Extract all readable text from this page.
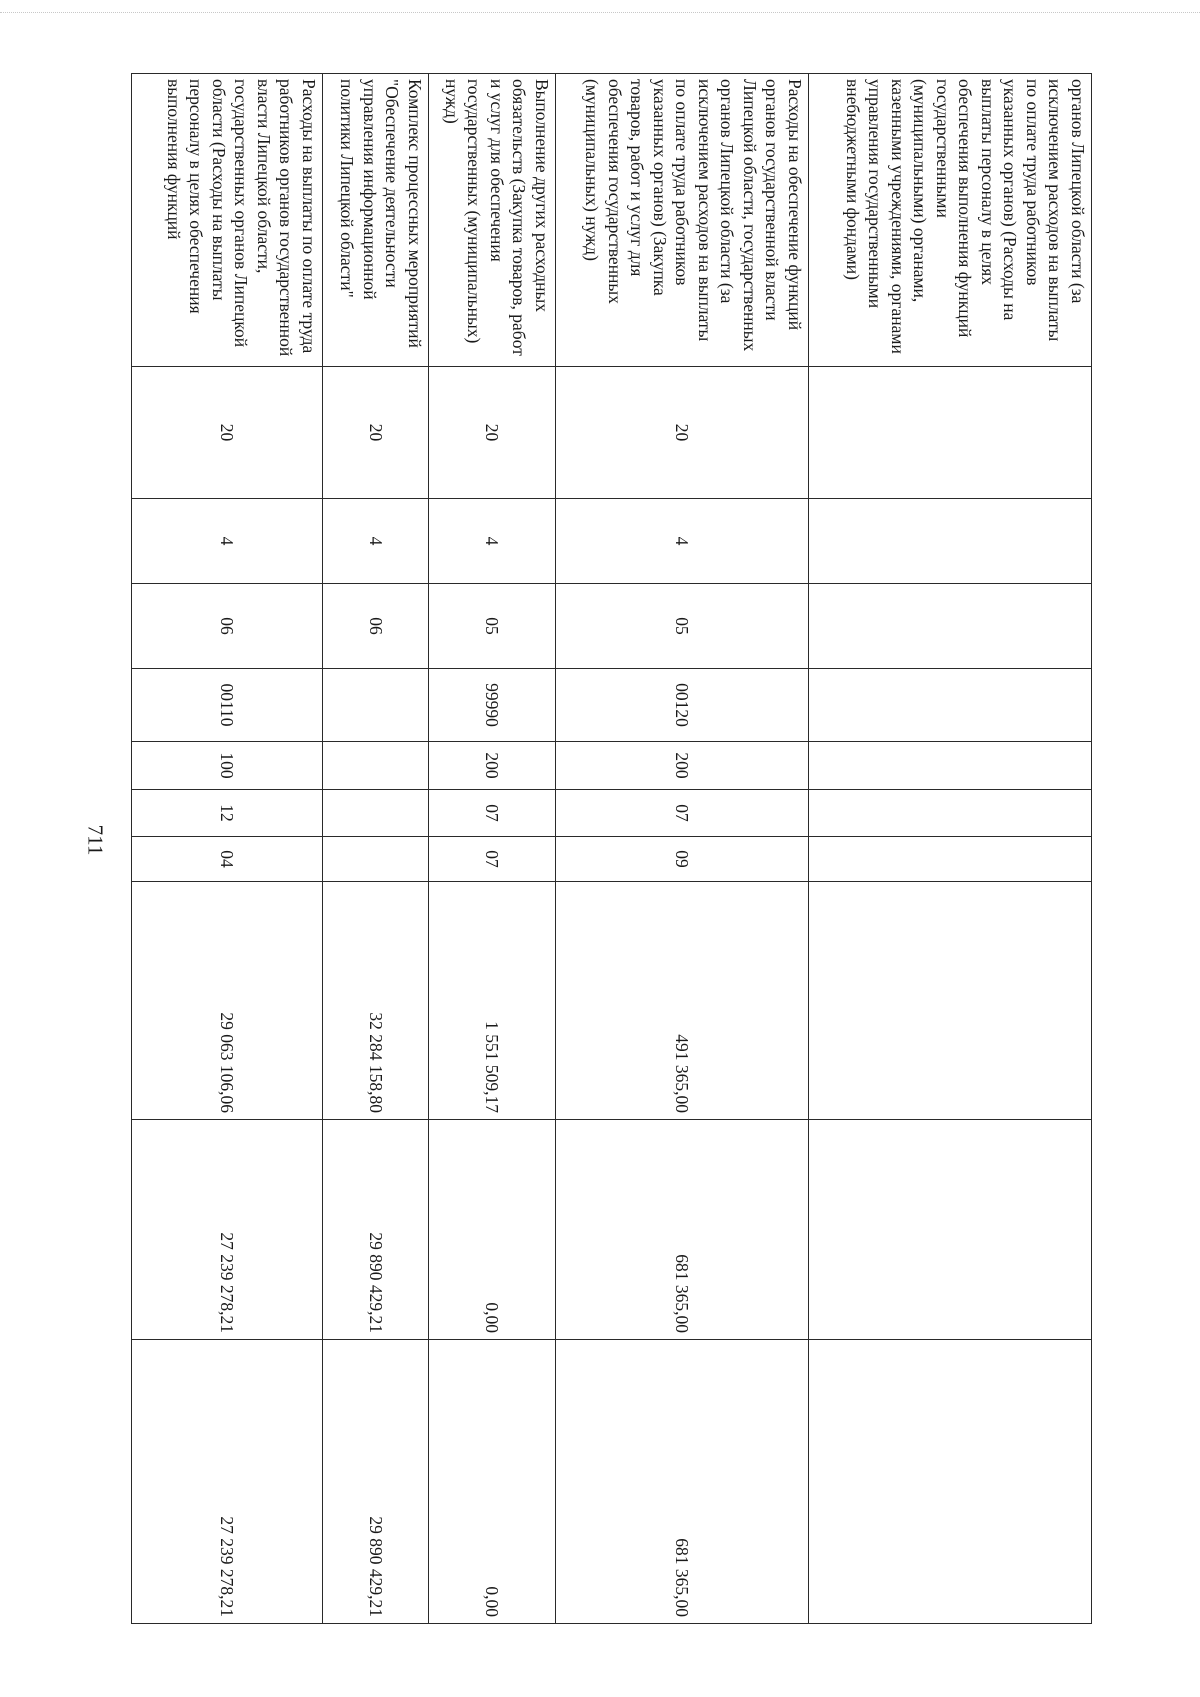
711
органов Липецкой области (за исключением расходов на выплаты по оплате труда работников указанных органов) (Расходы на выплаты персоналу в целях обеспечения выполнения функций государственными (муниципальными) органами, казенными учреждениями, органами управления государственными внебюджетными фондами)										
Расходы на обеспечение функций органов государственной власти Липецкой области, государственных органов Липецкой области (за исключением расходов на выплаты по оплате труда работников указанных органов) (Закупка товаров, работ и услуг для обеспечения государственных (муниципальных) нужд)	20	4	05	00120	200	07	09	491 365,00	681 365,00	681 365,00
Выполнение других расходных обязательств (Закупка товаров, работ и услуг для обеспечения государственных (муниципальных) нужд)	20	4	05	99990	200	07	07	1 551 509,17	0,00	0,00
Комплекс процессных мероприятий "Обеспечение деятельности управления информационной политики Липецкой области"	20	4	06					32 284 158,80	29 890 429,21	29 890 429,21
Расходы на выплаты по оплате труда работников органов государственной власти Липецкой области, государственных органов Липецкой области (Расходы на выплаты персоналу в целях обеспечения выполнения функций	20	4	06	00110	100	12	04	29 063 106,06	27 239 278,21	27 239 278,21
